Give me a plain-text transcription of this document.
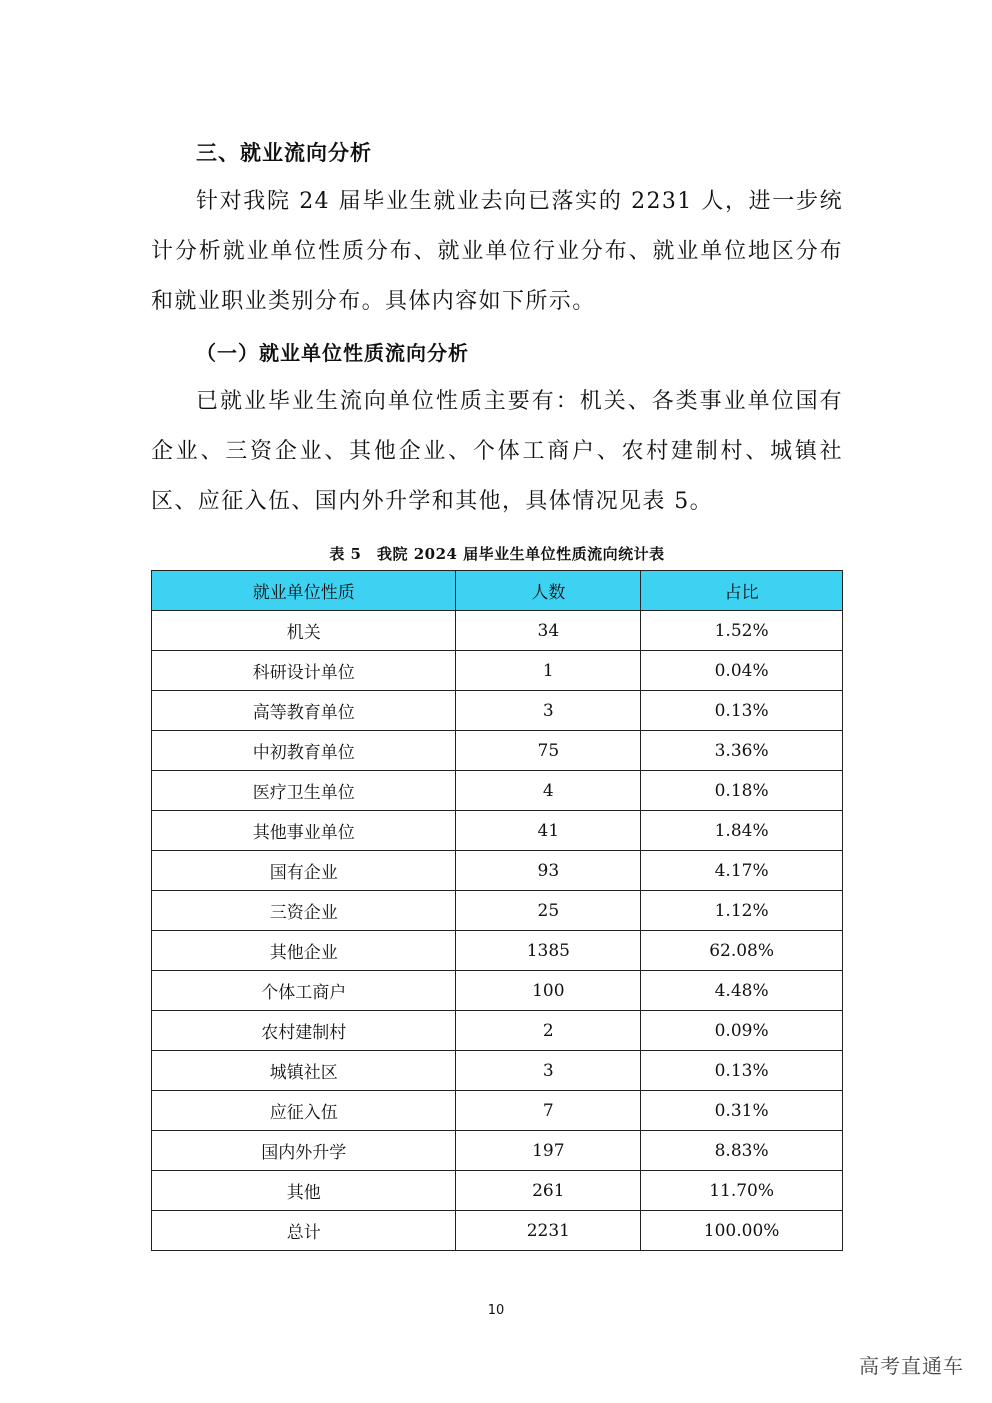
三、就业流向分析

针对我院 24 届毕业生就业去向已落实的 2231 人，进一步统计分析就业单位性质分布、就业单位行业分布、就业单位地区分布和就业职业类别分布。具体内容如下所示。

（一）就业单位性质流向分析

已就业毕业生流向单位性质主要有：机关、各类事业单位国有企业、三资企业、其他企业、个体工商户、农村建制村、城镇社区、应征入伍、国内外升学和其他，具体情况见表 5。

表 5　我院 2024 届毕业生单位性质流向统计表
就业单位性质	人数	占比
机关	34	1.52%
科研设计单位	1	0.04%
高等教育单位	3	0.13%
中初教育单位	75	3.36%
医疗卫生单位	4	0.18%
其他事业单位	41	1.84%
国有企业	93	4.17%
三资企业	25	1.12%
其他企业	1385	62.08%
个体工商户	100	4.48%
农村建制村	2	0.09%
城镇社区	3	0.13%
应征入伍	7	0.31%
国内外升学	197	8.83%
其他	261	11.70%
总计	2231	100.00%
10
高考直通车
